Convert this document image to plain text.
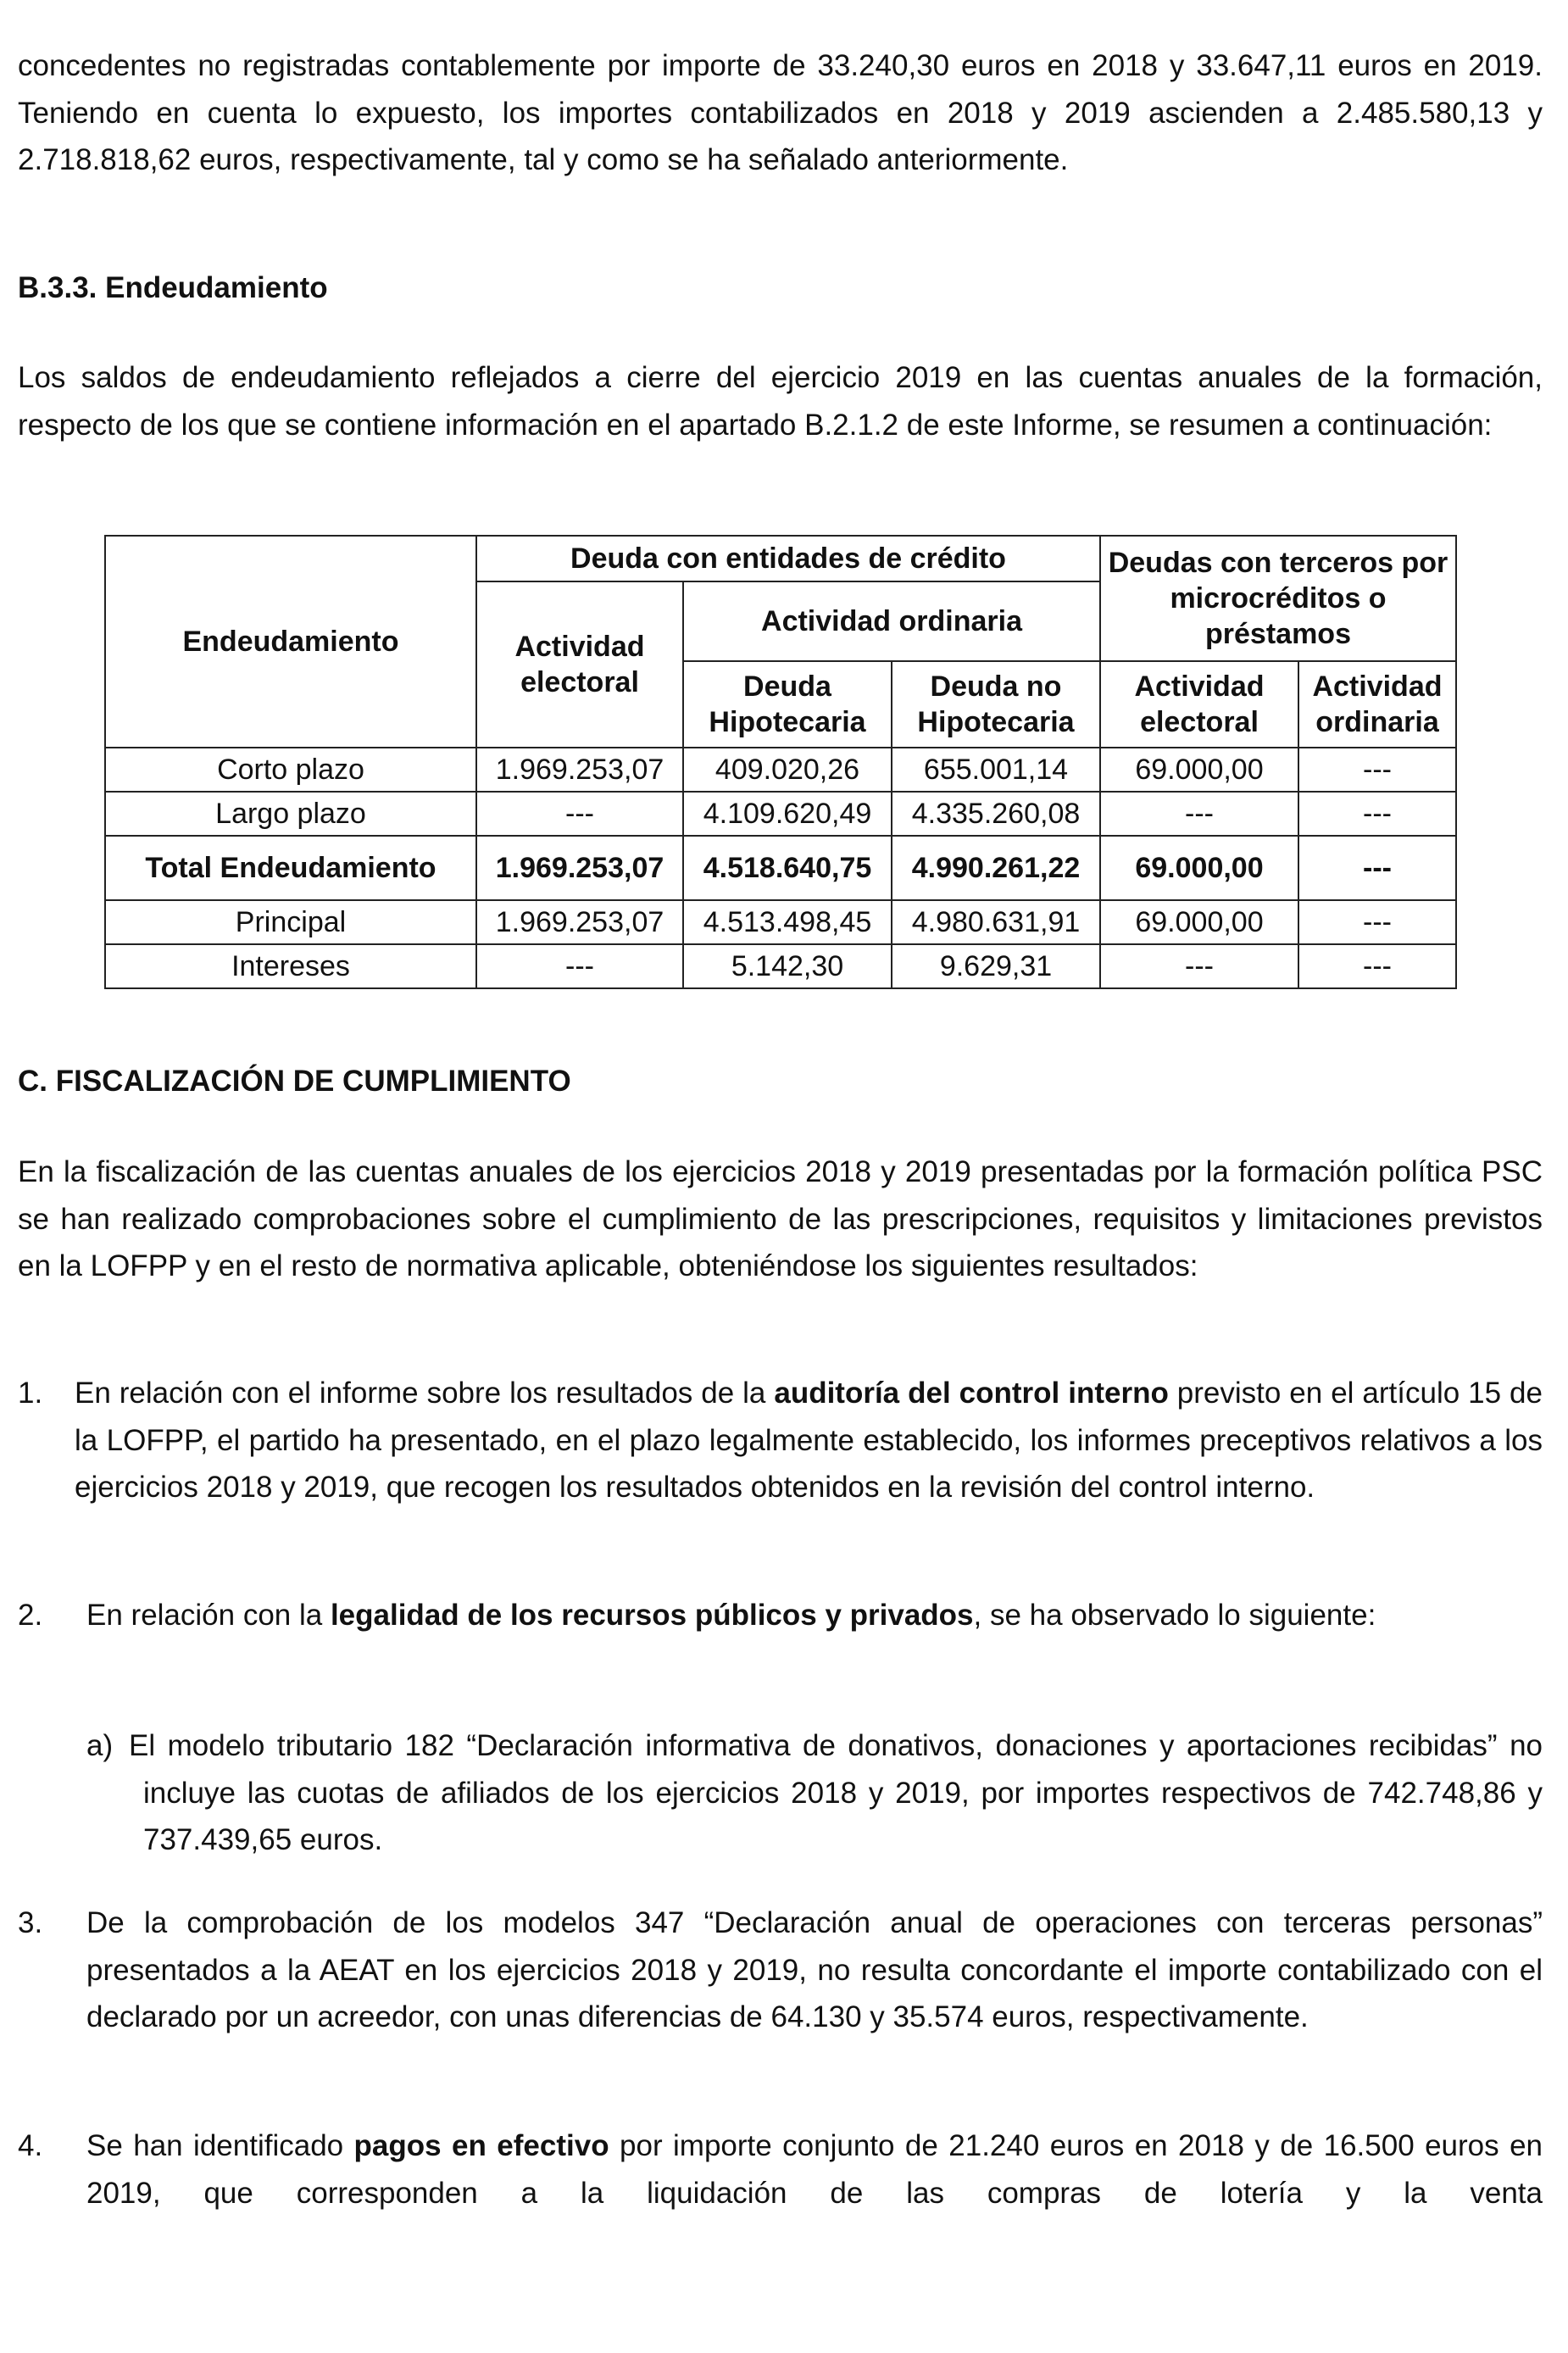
concedentes no registradas contablemente por importe de 33.240,30 euros en 2018 y 33.647,11 euros en 2019. Teniendo en cuenta lo expuesto, los importes contabilizados en 2018 y 2019 ascienden a 2.485.580,13 y 2.718.818,62 euros, respectivamente, tal y como se ha señalado anteriormente.
B.3.3. Endeudamiento
Los saldos de endeudamiento reflejados a cierre del ejercicio 2019 en las cuentas anuales de la formación, respecto de los que se contiene información en el apartado B.2.1.2 de este Informe, se resumen a continuación:
Endeudamiento	Deuda con entidades de crédito			Deudas con terceros por microcréditos o préstamos	
	Actividad electoral	Actividad ordinaria			
		Deuda Hipotecaria	Deuda no Hipotecaria	Actividad electoral	Actividad ordinaria
Corto plazo	1.969.253,07	409.020,26	655.001,14	69.000,00	---
Largo plazo	---	4.109.620,49	4.335.260,08	---	---
Total Endeudamiento	1.969.253,07	4.518.640,75	4.990.261,22	69.000,00	---
Principal	1.969.253,07	4.513.498,45	4.980.631,91	69.000,00	---
Intereses	---	5.142,30	9.629,31	---	---
C. FISCALIZACIÓN DE CUMPLIMIENTO
En la fiscalización de las cuentas anuales de los ejercicios 2018 y 2019 presentadas por la formación política PSC se han realizado comprobaciones sobre el cumplimiento de las prescripciones, requisitos y limitaciones previstos en la LOFPP y en el resto de normativa aplicable, obteniéndose los siguientes resultados:
1. En relación con el informe sobre los resultados de la auditoría del control interno previsto en el artículo 15 de la LOFPP, el partido ha presentado, en el plazo legalmente establecido, los informes preceptivos relativos a los ejercicios 2018 y 2019, que recogen los resultados obtenidos en la revisión del control interno.
2. En relación con la legalidad de los recursos públicos y privados, se ha observado lo siguiente:
a) El modelo tributario 182 “Declaración informativa de donativos, donaciones y aportaciones recibidas” no incluye las cuotas de afiliados de los ejercicios 2018 y 2019, por importes respectivos de 742.748,86 y 737.439,65 euros.
3. De la comprobación de los modelos 347 “Declaración anual de operaciones con terceras personas” presentados a la AEAT en los ejercicios 2018 y 2019, no resulta concordante el importe contabilizado con el declarado por un acreedor, con unas diferencias de 64.130 y 35.574 euros, respectivamente.
4. Se han identificado pagos en efectivo por importe conjunto de 21.240 euros en 2018 y de 16.500 euros en 2019, que corresponden a la liquidación de las compras de lotería y la venta
